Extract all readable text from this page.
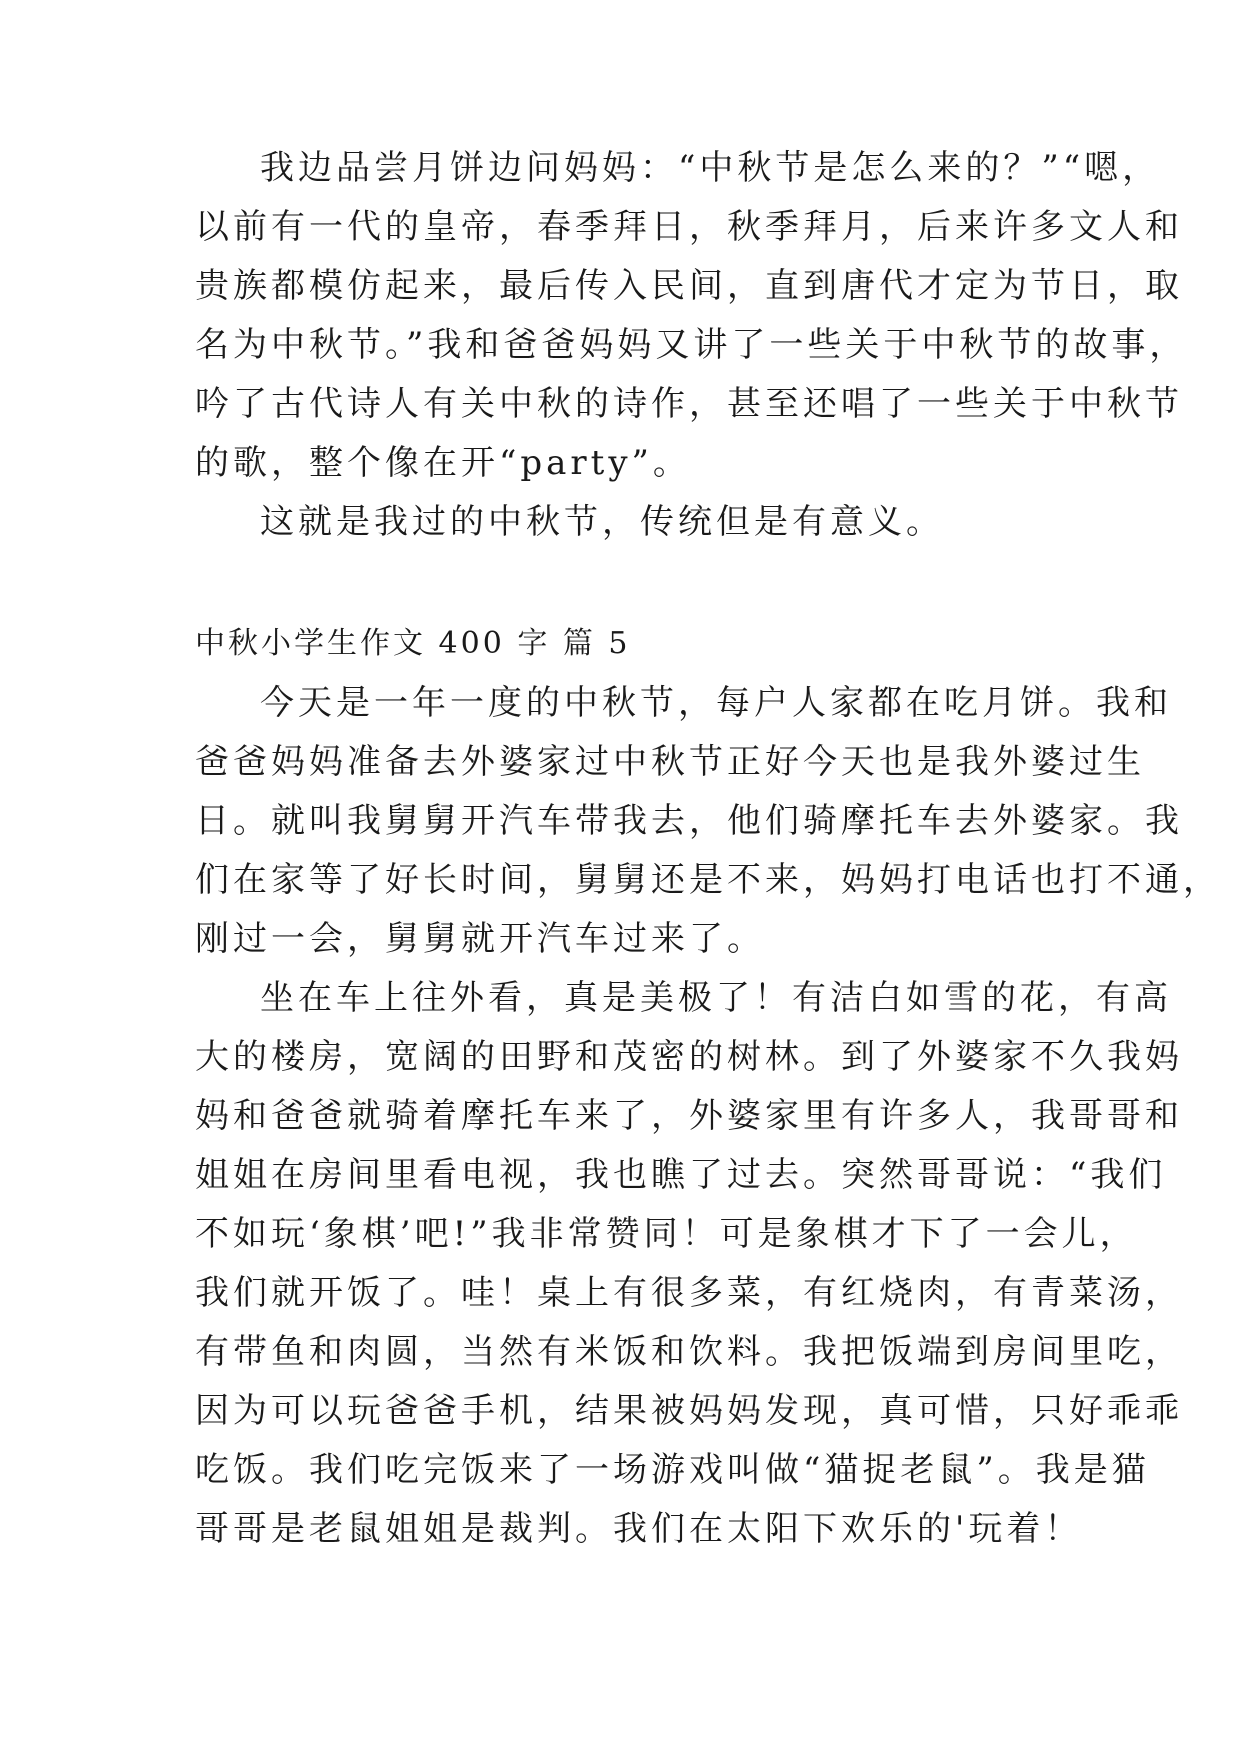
我边品尝月饼边问妈妈：“中秋节是怎么来的？”“嗯，
以前有一代的皇帝，春季拜日，秋季拜月，后来许多文人和
贵族都模仿起来，最后传入民间，直到唐代才定为节日，取
名为中秋节。”我和爸爸妈妈又讲了一些关于中秋节的故事，
吟了古代诗人有关中秋的诗作，甚至还唱了一些关于中秋节
的歌，整个像在开“party”。
这就是我过的中秋节，传统但是有意义。
中秋小学生作文 400 字 篇 5
今天是一年一度的中秋节，每户人家都在吃月饼。我和
爸爸妈妈准备去外婆家过中秋节正好今天也是我外婆过生
日。就叫我舅舅开汽车带我去，他们骑摩托车去外婆家。我
们在家等了好长时间，舅舅还是不来，妈妈打电话也打不通，
刚过一会，舅舅就开汽车过来了。
坐在车上往外看，真是美极了！有洁白如雪的花，有高
大的楼房，宽阔的田野和茂密的树林。到了外婆家不久我妈
妈和爸爸就骑着摩托车来了，外婆家里有许多人，我哥哥和
姐姐在房间里看电视，我也瞧了过去。突然哥哥说：“我们
不如玩‘象棋’吧!”我非常赞同！可是象棋才下了一会儿，
我们就开饭了。哇！桌上有很多菜，有红烧肉，有青菜汤，
有带鱼和肉圆，当然有米饭和饮料。我把饭端到房间里吃，
因为可以玩爸爸手机，结果被妈妈发现，真可惜，只好乖乖
吃饭。我们吃完饭来了一场游戏叫做“猫捉老鼠”。我是猫
哥哥是老鼠姐姐是裁判。我们在太阳下欢乐的'玩着！
